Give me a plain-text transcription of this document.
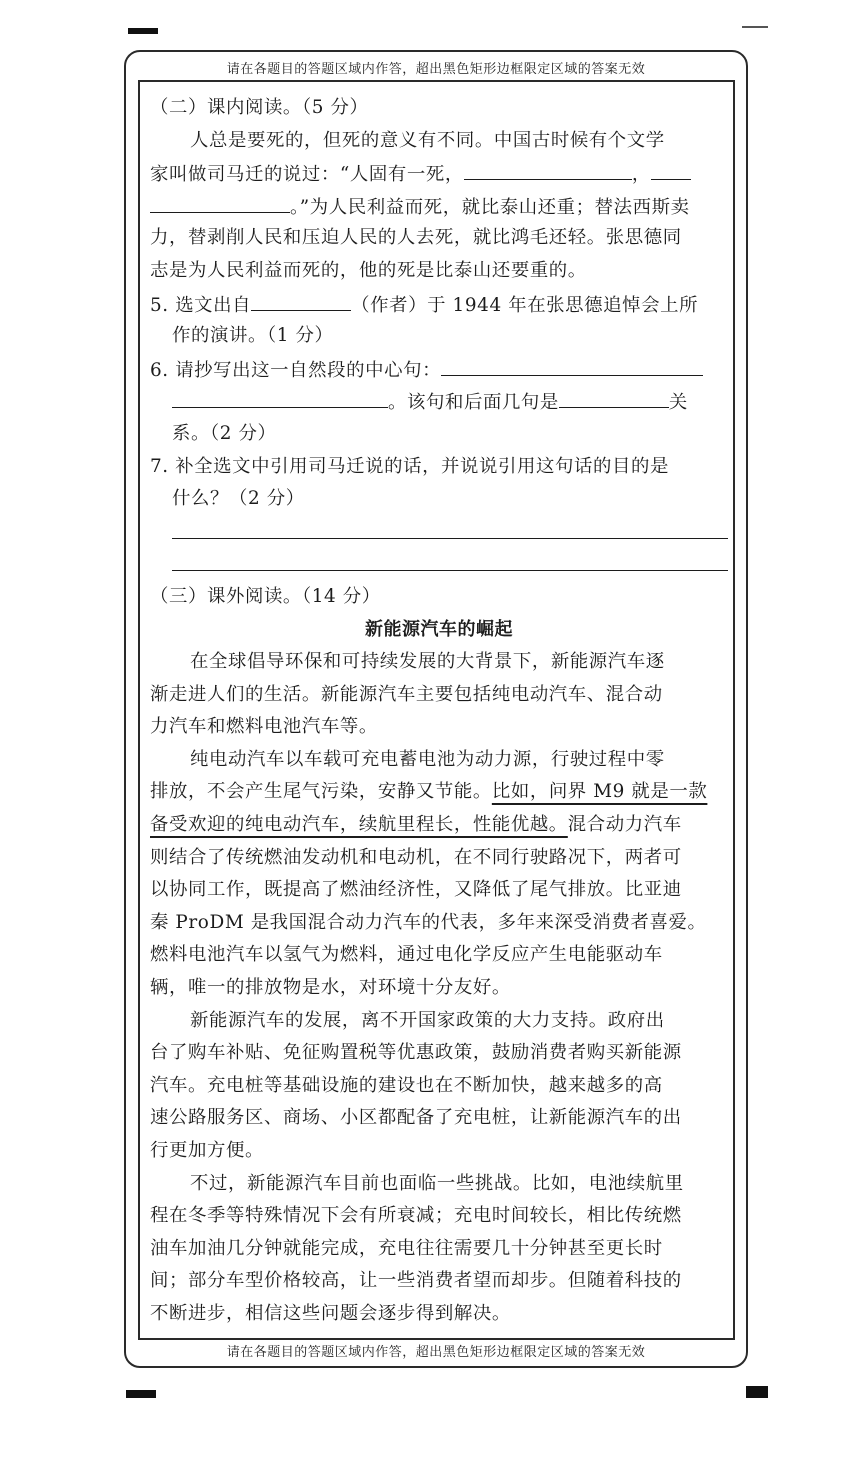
请在各题目的答题区域内作答，超出黑色矩形边框限定区域的答案无效
请在各题目的答题区域内作答，超出黑色矩形边框限定区域的答案无效
（二）课内阅读。（5 分）
人总是要死的，但死的意义有不同。中国古时候有个文学
家叫做司马迁的说过：“人固有一死，	，
。”为人民利益而死，就比泰山还重；替法西斯卖
力，替剥削人民和压迫人民的人去死，就比鸿毛还轻。张思德同
志是为人民利益而死的，他的死是比泰山还要重的。
5. 选文出自	（作者）于 1944 年在张思德追悼会上所
作的演讲。（1 分）
6. 请抄写出这一自然段的中心句：
。该句和后面几句是	关
系。（2 分）
7. 补全选文中引用司马迁说的话，并说说引用这句话的目的是
什么？（2 分）
（三）课外阅读。（14 分）
新能源汽车的崛起
在全球倡导环保和可持续发展的大背景下，新能源汽车逐
渐走进人们的生活。新能源汽车主要包括纯电动汽车、混合动
力汽车和燃料电池汽车等。
纯电动汽车以车载可充电蓄电池为动力源，行驶过程中零
排放，不会产生尾气污染，安静又节能。比如，问界 M9 就是一款
备受欢迎的纯电动汽车，续航里程长，性能优越。混合动力汽车
则结合了传统燃油发动机和电动机，在不同行驶路况下，两者可
以协同工作，既提高了燃油经济性，又降低了尾气排放。比亚迪
秦 ProDM 是我国混合动力汽车的代表，多年来深受消费者喜爱。
燃料电池汽车以氢气为燃料，通过电化学反应产生电能驱动车
辆，唯一的排放物是水，对环境十分友好。
新能源汽车的发展，离不开国家政策的大力支持。政府出
台了购车补贴、免征购置税等优惠政策，鼓励消费者购买新能源
汽车。充电桩等基础设施的建设也在不断加快，越来越多的高
速公路服务区、商场、小区都配备了充电桩，让新能源汽车的出
行更加方便。
不过，新能源汽车目前也面临一些挑战。比如，电池续航里
程在冬季等特殊情况下会有所衰减；充电时间较长，相比传统燃
油车加油几分钟就能完成，充电往往需要几十分钟甚至更长时
间；部分车型价格较高，让一些消费者望而却步。但随着科技的
不断进步，相信这些问题会逐步得到解决。
